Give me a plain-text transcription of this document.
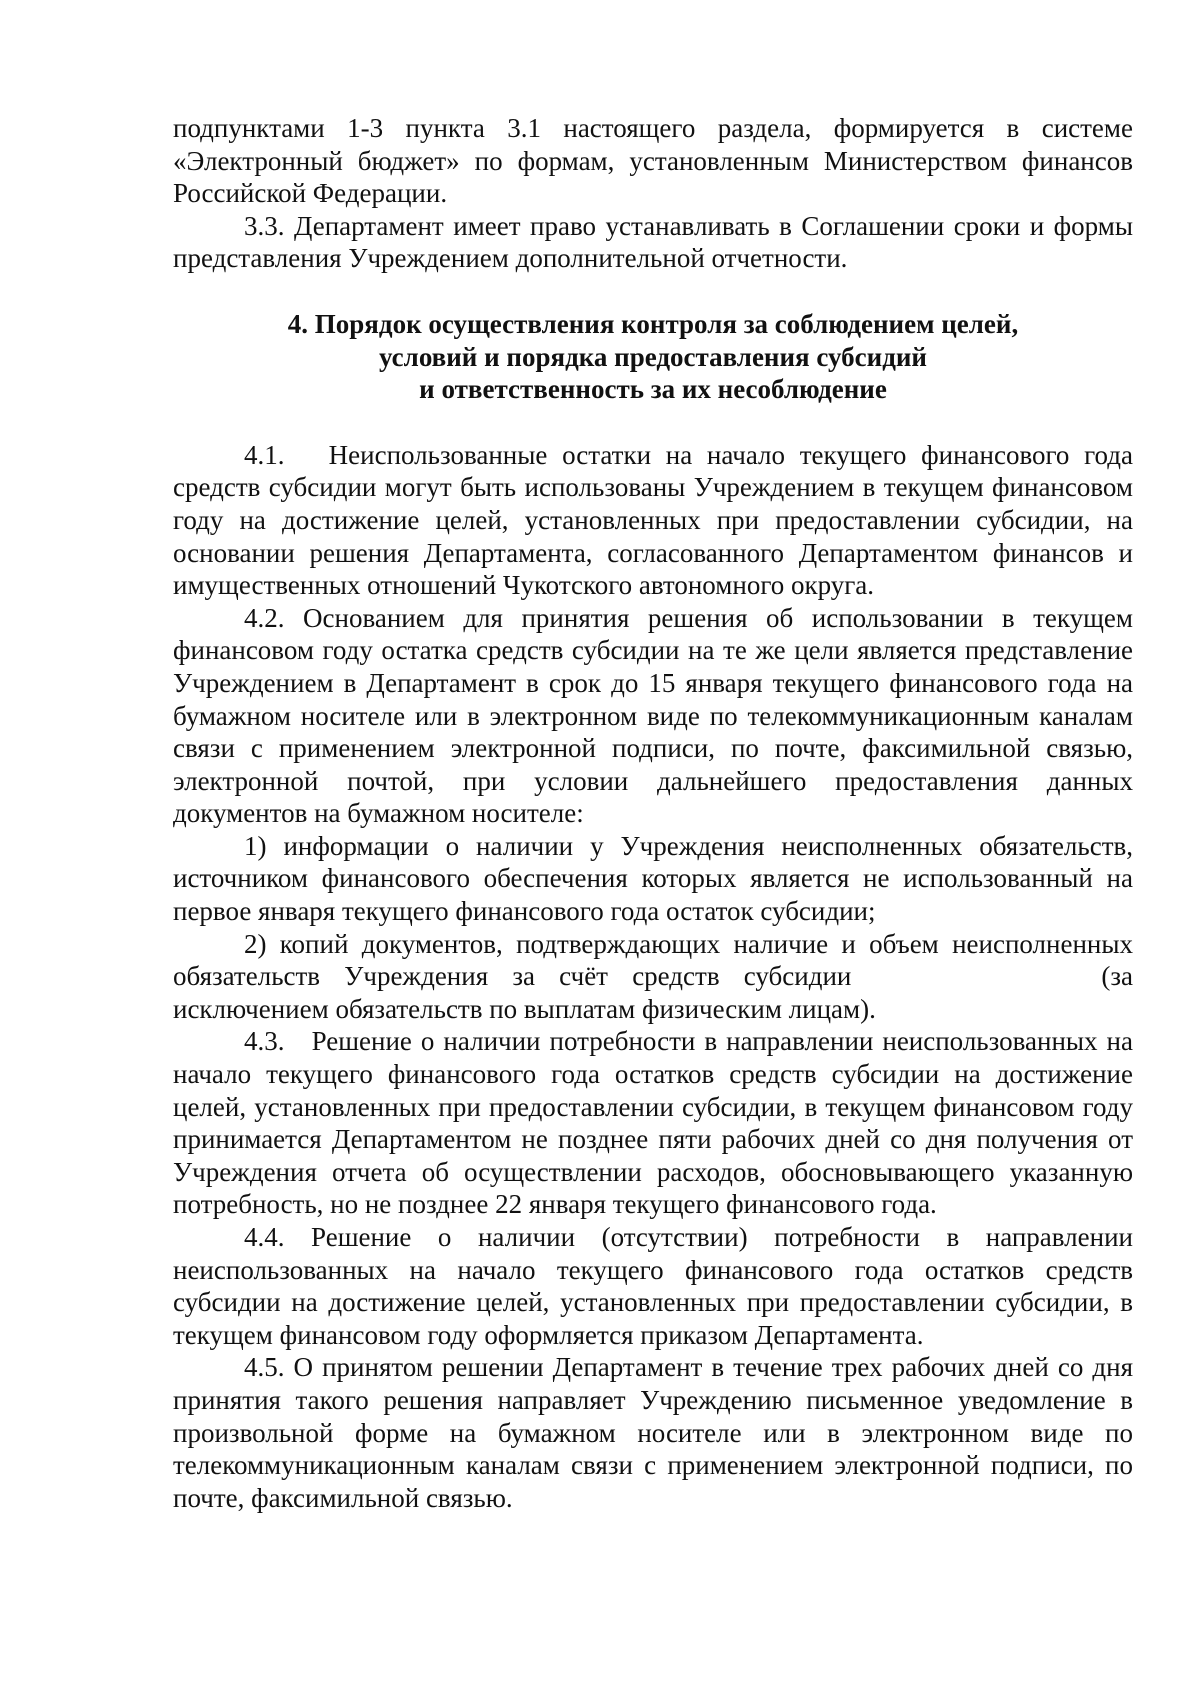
подпунктами 1-3 пункта 3.1 настоящего раздела, формируется в системе «Электронный бюджет» по формам, установленным Министерством финансов Российской Федерации.

3.3. Департамент имеет право устанавливать в Соглашении сроки и формы представления Учреждением дополнительной отчетности.

4. Порядок осуществления контроля за соблюдением целей,
условий и порядка предоставления субсидий
и ответственность за их несоблюдение

4.1.   Неиспользованные остатки на начало текущего финансового года средств субсидии могут быть использованы Учреждением в текущем финансовом году на достижение целей, установленных при предоставлении субсидии, на основании решения Департамента, согласованного Департаментом финансов и имущественных отношений Чукотского автономного округа.

4.2. Основанием для принятия решения об использовании в текущем финансовом году остатка средств субсидии на те же цели является представление Учреждением в Департамент в срок до 15 января текущего финансового года на бумажном носителе или в электронном виде по телекоммуникационным каналам связи с применением электронной подписи, по почте, факсимильной связью, электронной почтой, при условии дальнейшего предоставления данных документов на бумажном носителе:

1) информации о наличии у Учреждения неисполненных обязательств, источником финансового обеспечения которых является не использованный на первое января текущего финансового года остаток субсидии;

2) копий документов, подтверждающих наличие и объем неисполненных обязательств Учреждения за счёт средств субсидии	(за исключением обязательств по выплатам физическим лицам).

4.3.   Решение о наличии потребности в направлении неиспользованных на начало текущего финансового года остатков средств субсидии на достижение целей, установленных при предоставлении субсидии, в текущем финансовом году принимается Департаментом не позднее пяти рабочих дней со дня получения от Учреждения отчета об осуществлении расходов, обосновывающего указанную потребность, но не позднее 22 января текущего финансового года.

4.4. Решение о наличии (отсутствии) потребности в направлении неиспользованных на начало текущего финансового года остатков средств субсидии на достижение целей, установленных при предоставлении субсидии, в текущем финансовом году оформляется приказом Департамента.

4.5. О принятом решении Департамент в течение трех рабочих дней со дня принятия такого решения направляет Учреждению письменное уведомление в произвольной форме на бумажном носителе или в электронном виде по телекоммуникационным каналам связи с применением электронной подписи, по почте, факсимильной связью.
